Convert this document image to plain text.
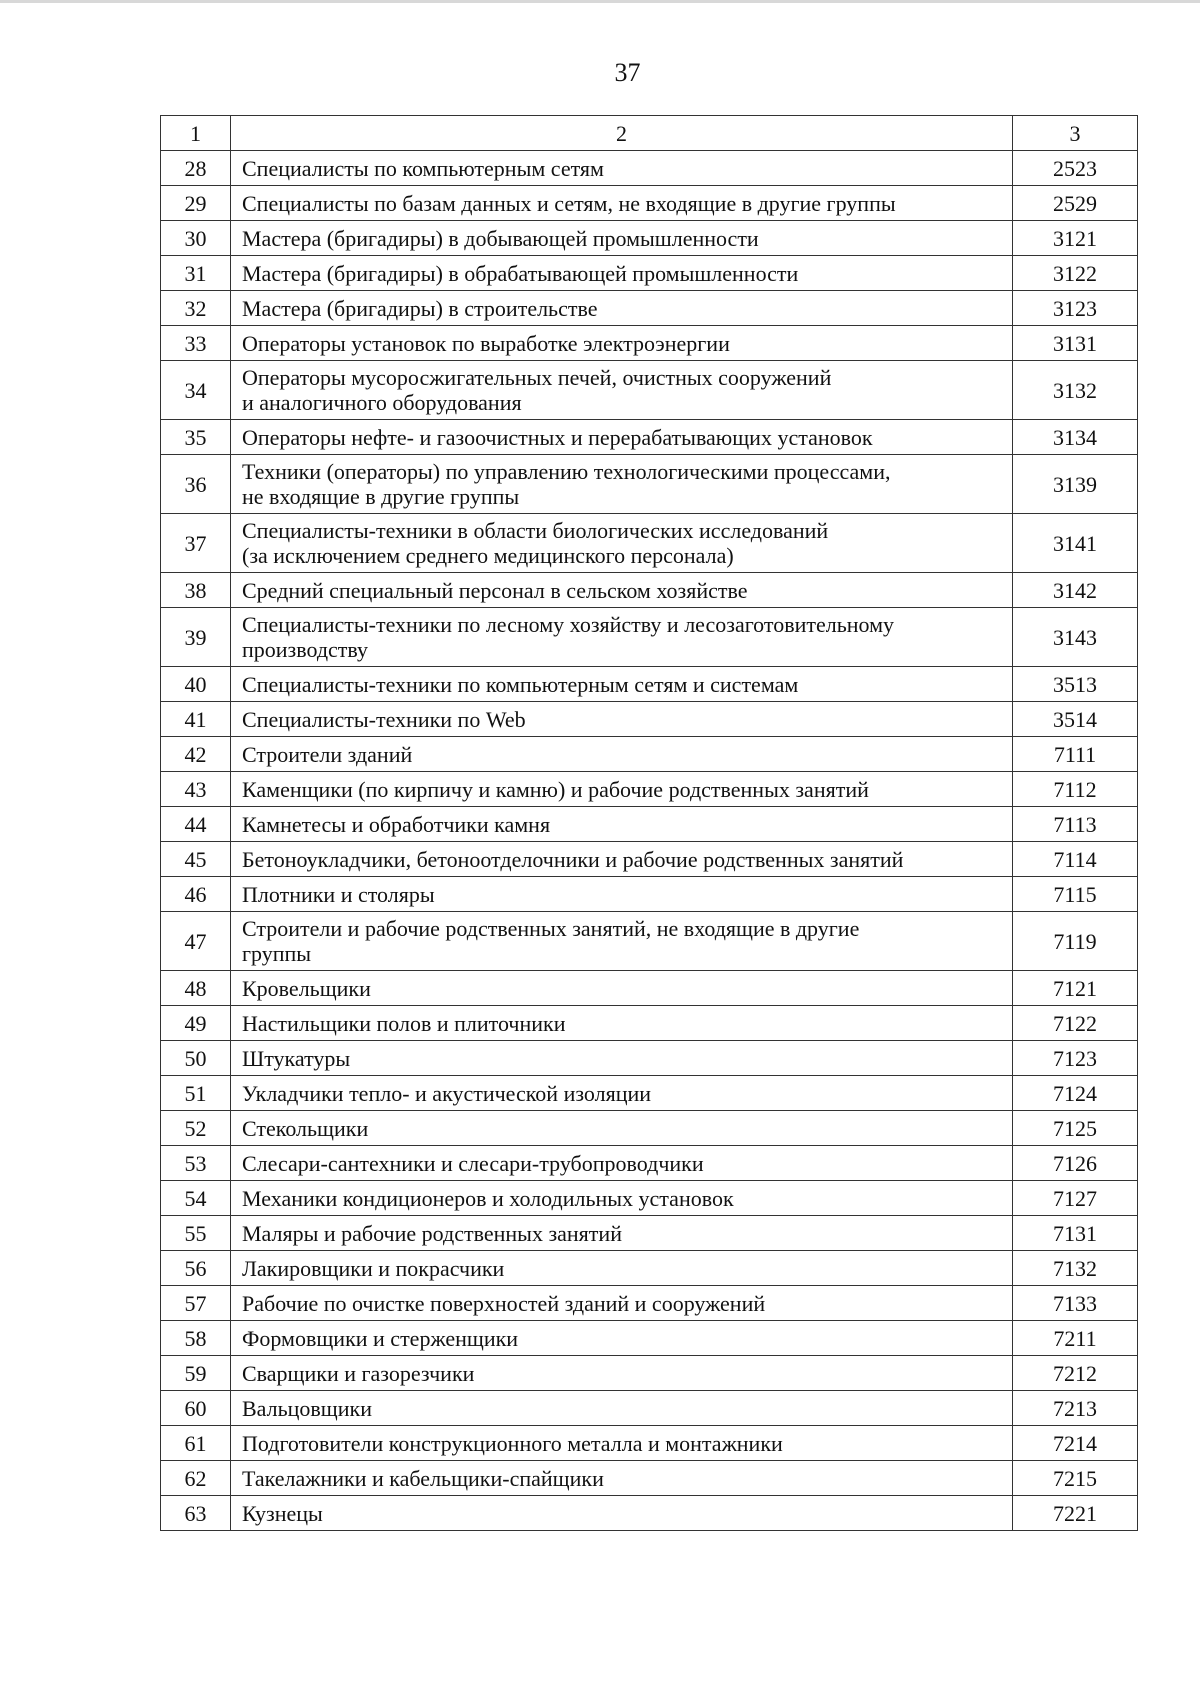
37
1	2	3
28	Специалисты по компьютерным сетям	2523
29	Специалисты по базам данных и сетям, не входящие в другие группы	2529
30	Мастера (бригадиры) в добывающей промышленности	3121
31	Мастера (бригадиры) в обрабатывающей промышленности	3122
32	Мастера (бригадиры) в строительстве	3123
33	Операторы установок по выработке электроэнергии	3131
34	Операторы мусоросжигательных печей, очистных сооружений
и аналогичного оборудования	3132
35	Операторы нефте- и газоочистных и перерабатывающих установок	3134
36	Техники (операторы) по управлению технологическими процессами,
не входящие в другие группы	3139
37	Специалисты-техники в области биологических исследований
(за исключением среднего медицинского персонала)	3141
38	Средний специальный персонал в сельском хозяйстве	3142
39	Специалисты-техники по лесному хозяйству и лесозаготовительному
производству	3143
40	Специалисты-техники по компьютерным сетям и системам	3513
41	Специалисты-техники по Web	3514
42	Строители зданий	7111
43	Каменщики (по кирпичу и камню) и рабочие родственных занятий	7112
44	Камнетесы и обработчики камня	7113
45	Бетоноукладчики, бетоноотделочники и рабочие родственных занятий	7114
46	Плотники и столяры	7115
47	Строители и рабочие родственных занятий, не входящие в другие
группы	7119
48	Кровельщики	7121
49	Настильщики полов и плиточники	7122
50	Штукатуры	7123
51	Укладчики тепло- и акустической изоляции	7124
52	Стекольщики	7125
53	Слесари-сантехники и слесари-трубопроводчики	7126
54	Механики кондиционеров и холодильных установок	7127
55	Маляры и рабочие родственных занятий	7131
56	Лакировщики и покрасчики	7132
57	Рабочие по очистке поверхностей зданий и сооружений	7133
58	Формовщики и стерженщики	7211
59	Сварщики и газорезчики	7212
60	Вальцовщики	7213
61	Подготовители конструкционного металла и монтажники	7214
62	Такелажники и кабельщики-спайщики	7215
63	Кузнецы	7221
